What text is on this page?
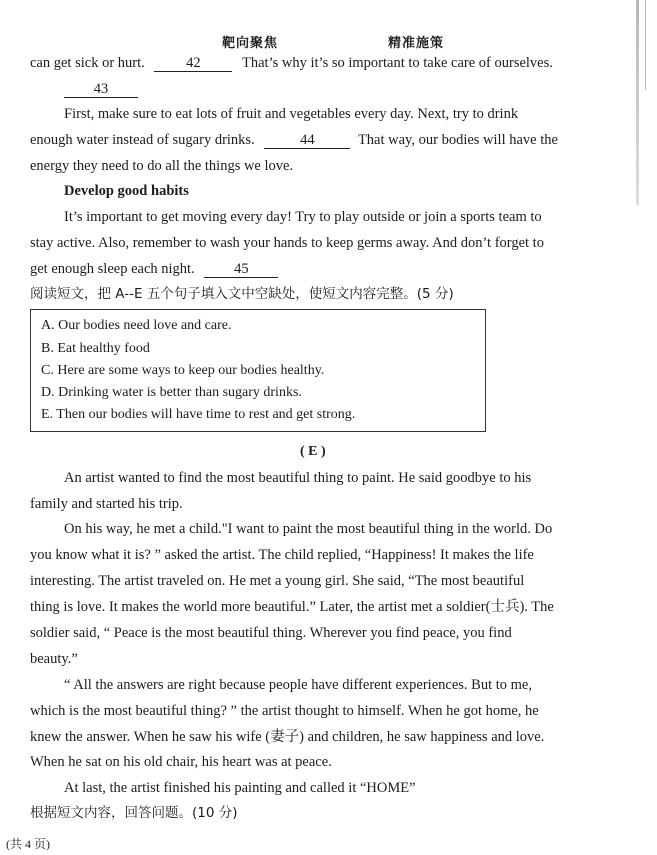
靶向聚焦	精准施策
can get sick or hurt.	42	That’s why it’s so important to take care of ourselves.
43
First, make sure to eat lots of fruit and vegetables every day. Next, try to drink
enough water instead of sugary drinks.	44	That way, our bodies will have the
energy they need to do all the things we love.
Develop good habits
It’s important to get moving every day! Try to play outside or join a sports team to
stay active. Also, remember to wash your hands to keep germs away. And don’t forget to
get enough sleep each night.	45
阅读短文，把 A--E 五个句子填入文中空缺处，使短文内容完整。(5 分)
A. Our bodies need love and care.
B. Eat healthy food
C. Here are some ways to keep our bodies healthy.
D. Drinking water is better than sugary drinks.
E. Then our bodies will have time to rest and get strong.
( E )
An artist wanted to find the most beautiful thing to paint. He said goodbye to his
family and started his trip.
On his way, he met a child."I want to paint the most beautiful thing in the world. Do
you know what it is? ” asked the artist. The child replied, “Happiness! It makes the life
interesting. The artist traveled on. He met a young girl. She said, “The most beautiful
thing is love. It makes the world more beautiful.” Later, the artist met a soldier(士兵). The
soldier said, “ Peace is the most beautiful thing. Wherever you find peace, you find
beauty.”
“ All the answers are right because people have different experiences. But to me,
which is the most beautiful thing? ” the artist thought to himself. When he got home, he
knew the answer. When he saw his wife (妻子) and children, he saw happiness and love.
When he sat on his old chair, his heart was at peace.
At last, the artist finished his painting and called it “HOME”
根据短文内容，回答问题。(10 分)
(共 4 页)
